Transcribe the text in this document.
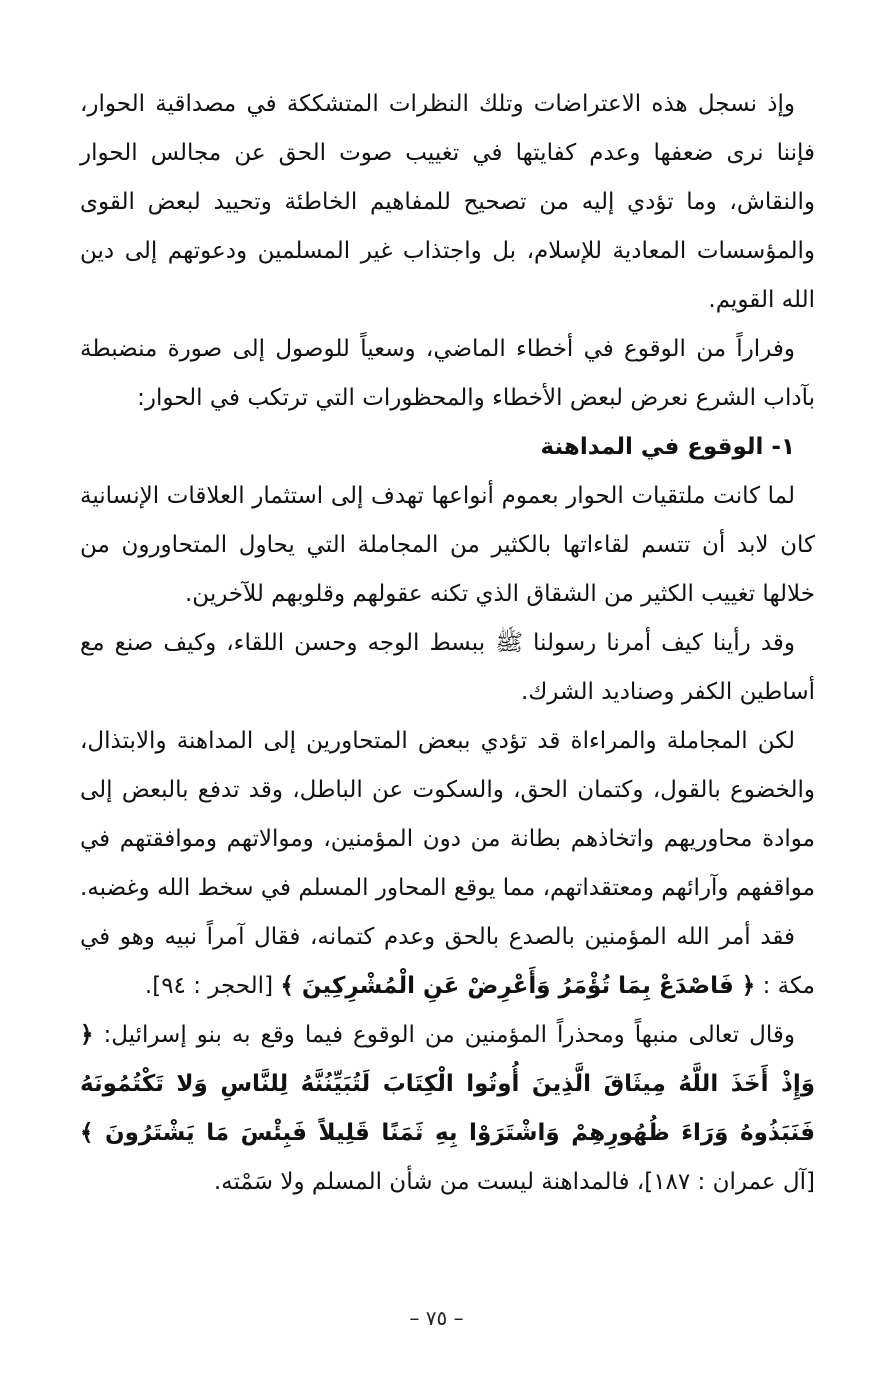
وإذ نسجل هذه الاعتراضات وتلك النظرات المتشككة في مصداقية الحوار، فإننا نرى ضعفها وعدم كفايتها في تغييب صوت الحق عن مجالس الحوار والنقاش، وما تؤدي إليه من تصحيح للمفاهيم الخاطئة وتحييد لبعض القوى والمؤسسات المعادية للإسلام، بل واجتذاب غير المسلمين ودعوتهم إلى دين الله القويم.

وفراراً من الوقوع في أخطاء الماضي، وسعياً للوصول إلى صورة منضبطة بآداب الشرع نعرض لبعض الأخطاء والمحظورات التي ترتكب في الحوار:

١- الوقوع في المداهنة

لما كانت ملتقيات الحوار بعموم أنواعها تهدف إلى استثمار العلاقات الإنسانية كان لابد أن تتسم لقاءاتها بالكثير من المجاملة التي يحاول المتحاورون من خلالها تغييب الكثير من الشقاق الذي تكنه عقولهم وقلوبهم للآخرين.

وقد رأينا كيف أمرنا رسولنا ﷺ ببسط الوجه وحسن اللقاء، وكيف صنع مع أساطين الكفر وصناديد الشرك.

لكن المجاملة والمراءاة قد تؤدي ببعض المتحاورين إلى المداهنة والابتذال، والخضوع بالقول، وكتمان الحق، والسكوت عن الباطل، وقد تدفع بالبعض إلى موادة محاوريهم واتخاذهم بطانة من دون المؤمنين، وموالاتهم وموافقتهم في مواقفهم وآرائهم ومعتقداتهم، مما يوقع المحاور المسلم في سخط الله وغضبه.

فقد أمر الله المؤمنين بالصدع بالحق وعدم كتمانه، فقال آمراً نبيه وهو في مكة : ﴿ فَاصْدَعْ بِمَا تُؤْمَرُ وَأَعْرِضْ عَنِ الْمُشْرِكِينَ ﴾ [الحجر : ٩٤].

وقال تعالى منبهاً ومحذراً المؤمنين من الوقوع فيما وقع به بنو إسرائيل: ﴿ وَإِذْ أَخَذَ اللَّهُ مِيثَاقَ الَّذِينَ أُوتُوا الْكِتَابَ لَتُبَيِّنُنَّهُ لِلنَّاسِ وَلا تَكْتُمُونَهُ فَنَبَذُوهُ وَرَاءَ ظُهُورِهِمْ وَاشْتَرَوْا بِهِ ثَمَنًا قَلِيلاً فَبِئْسَ مَا يَشْتَرُونَ ﴾ [آل عمران : ١٨٧]، فالمداهنة ليست من شأن المسلم ولا سَمْته.

– ٧٥ –
